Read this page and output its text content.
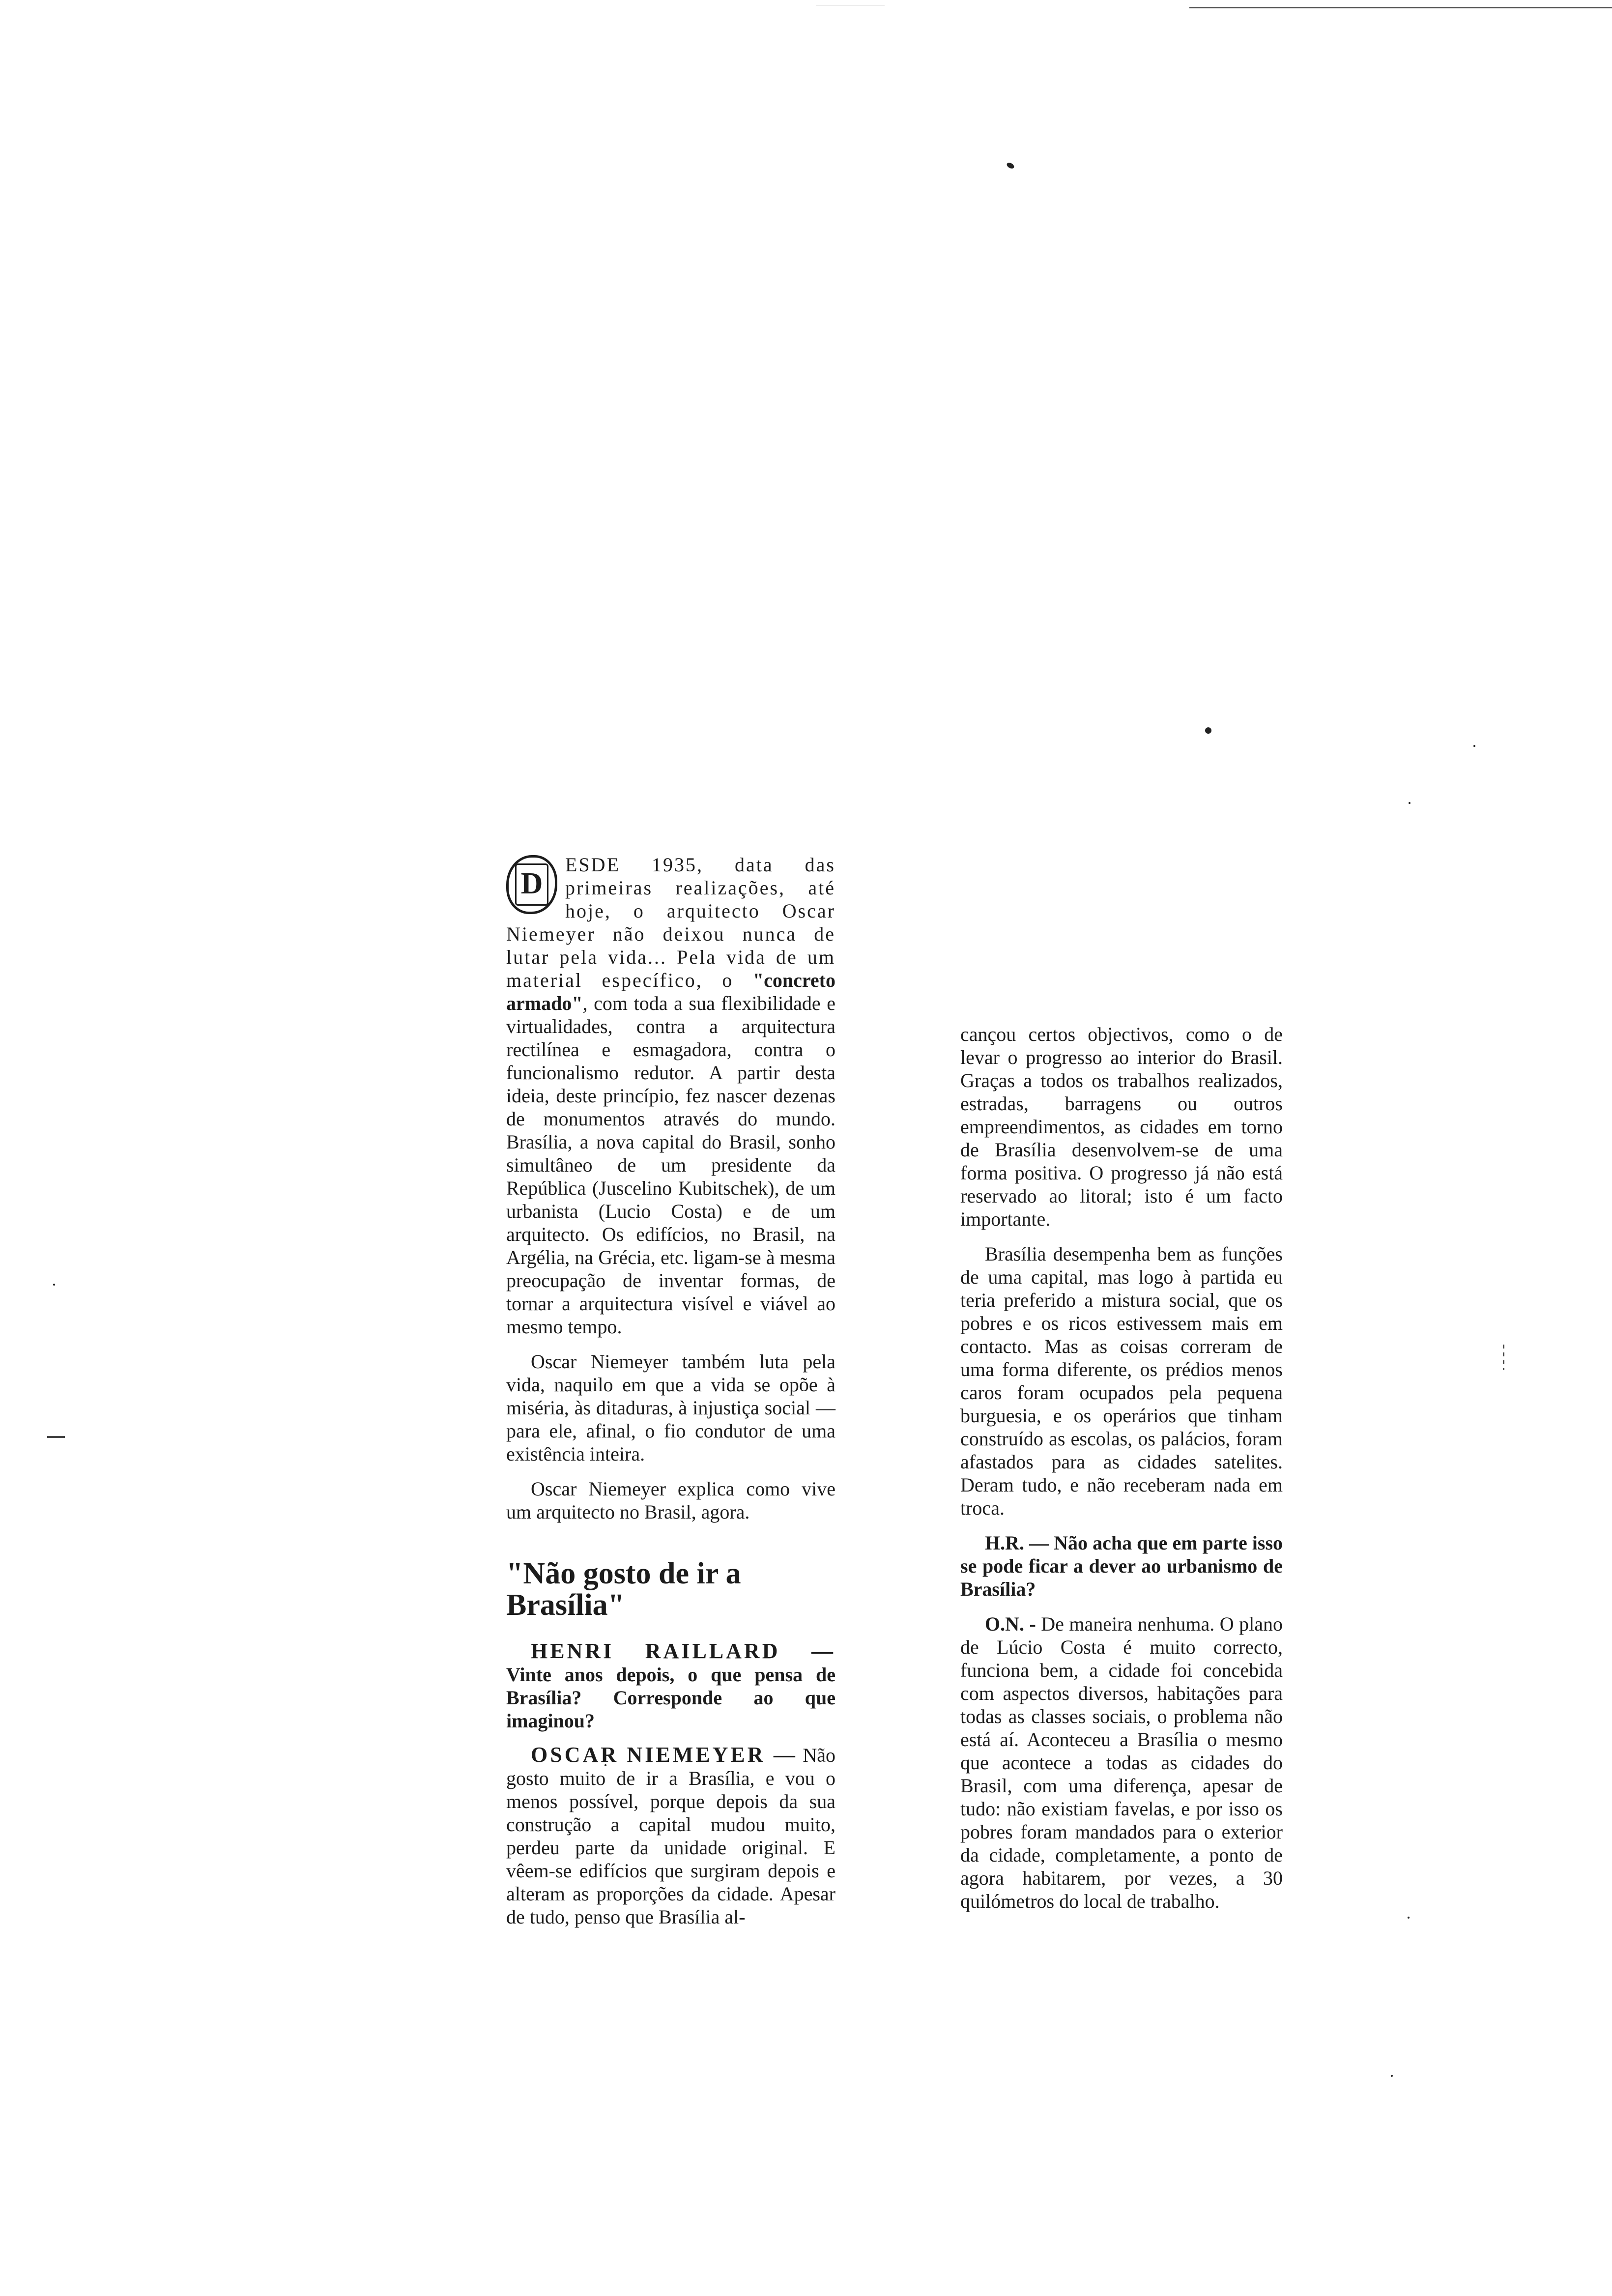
D
ESDE 1935, data das primeiras realizações, até hoje, o arquitecto Oscar Niemeyer não deixou nunca de lutar pela vida... Pela vida de um material específico, o "concreto armado", com toda a sua flexibilidade e virtualidades, contra a arquitectura rectilínea e esmagadora, contra o funcionalismo redutor. A partir desta ideia, deste princípio, fez nascer dezenas de monumentos através do mundo. Brasília, a nova capital do Brasil, sonho simultâneo de um presidente da República (Juscelino Kubitschek), de um urbanista (Lucio Costa) e de um arquitecto. Os edifícios, no Brasil, na Argélia, na Grécia, etc. ligam-se à mesma preocupação de inventar formas, de tornar a arquitectura visível e viável ao mesmo tempo.

Oscar Niemeyer também luta pela vida, naquilo em que a vida se opõe à miséria, às ditaduras, à injustiça social — para ele, afinal, o fio condutor de uma existência inteira.

Oscar Niemeyer explica como vive um arquitecto no Brasil, agora.

"Não gosto de ir a Brasília"

HENRI RAILLARD — Vinte anos depois, o que pensa de Brasília? Corresponde ao que imaginou?

OSCAR NIEMEYER — Não gosto muito de ir a Brasília, e vou o menos possível, porque depois da sua construção a capital mudou muito, perdeu parte da unidade original. E vêem-se edifícios que surgiram depois e alteram as proporções da cidade. Apesar de tudo, penso que Brasília al-

cançou certos objectivos, como o de levar o progresso ao interior do Brasil. Graças a todos os trabalhos realizados, estradas, barragens ou outros empreendimentos, as cidades em torno de Brasília desenvolvem-se de uma forma positiva. O progresso já não está reservado ao litoral; isto é um facto importante.

Brasília desempenha bem as funções de uma capital, mas logo à partida eu teria preferido a mistura social, que os pobres e os ricos estivessem mais em contacto. Mas as coisas correram de uma forma diferente, os prédios menos caros foram ocupados pela pequena burguesia, e os operários que tinham construído as escolas, os palácios, foram afastados para as cidades satelites. Deram tudo, e não receberam nada em troca.

H.R. — Não acha que em parte isso se pode ficar a dever ao urbanismo de Brasília?

O.N. - De maneira nenhuma. O plano de Lúcio Costa é muito correcto, funciona bem, a cidade foi concebida com aspectos diversos, habitações para todas as classes sociais, o problema não está aí. Aconteceu a Brasília o mesmo que acontece a todas as cidades do Brasil, com uma diferença, apesar de tudo: não existiam favelas, e por isso os pobres foram mandados para o exterior da cidade, completamente, a ponto de agora habitarem, por vezes, a 30 quilómetros do local de trabalho.
